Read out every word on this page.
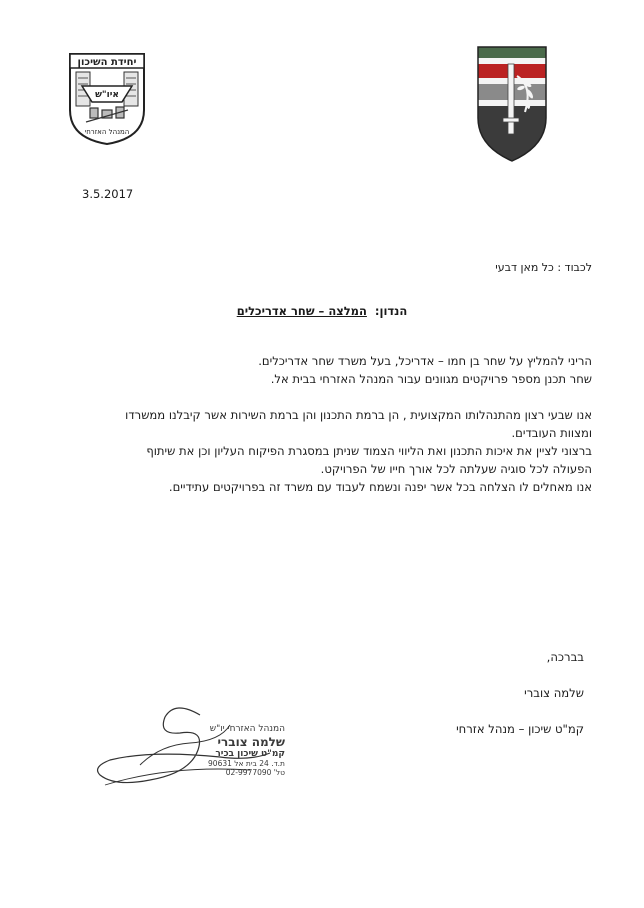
יחידת השיכון
איו"ש
המנהל האזרחי
3.5.2017
לכבוד : כל מאן דבעי
הנדון: המלצה – שחר אדריכלים
הריני להמליץ על שחר בן חמו – אדריכל, בעל משרד שחר אדריכלים.
שחר תכנן מספר פרויקטים מגוונים עבור המנהל האזרחי בבית אל.
אנו שבעי רצון מהתנהלותו המקצועית , הן ברמת התכנון והן ברמת השירות אשר קיבלנו ממשרדו
ומצוות העובדים.
ברצוני לציין את איכות התכנון ואת הליווי הצמוד שניתן במסגרת הפיקוח העליון וכן את שיתוף
הפעולה לכל סוגיה שעלתה לכל אורך חייו של הפרויקט.
אנו מאחלים לו הצלחה בכל אשר יפנה ונשמח לעבוד עם משרד זה בפרויקטים עתידיים.
בברכה,
שלמה צוברי
קמ"ט שיכון – מנהל אזרחי
המנהל האזרחי יו"ש
שלמה צוברי
קמ"ט שיכון בכיר
ת.ד. 24 בית אל 90631
טל' 02-9977090
